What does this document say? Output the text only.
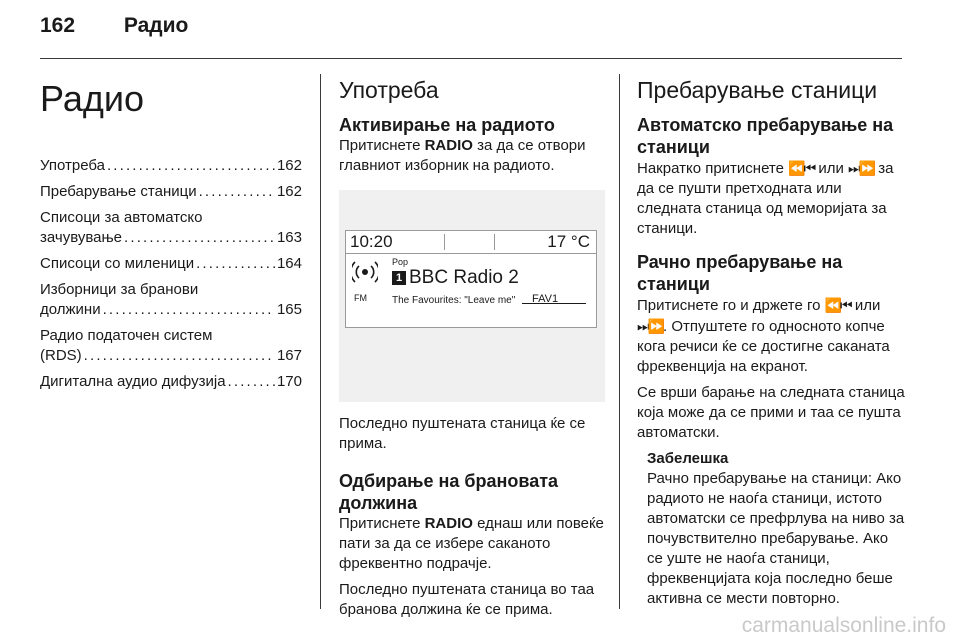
162 Радио
Радио
Употреба . . .	162
Пребарување станици . . .	162
Списоци за автоматско
зачувување . . .	163
Списоци со миленици . . .	164
Изборници за бранови
должини . . .	165
Радио податочен систем
(RDS) . . .	167
Дигитална аудио дифузија . . .	170
Употреба
Активирање на радиото

Притиснете RADIO за да се отвори главниот изборник на радиото.

10:20	17 °C
FM
Pop
1 BBC Radio 2
The Favourites: "Leave me" FAV1

Последно пуштената станица ќе се прима.

Одбирање на брановата должина

Притиснете RADIO еднаш или повеќе пати за да се избере саканото фреквентно подрачје.

Последно пуштената станица во таа бранова должина ќе се прима.

Пребарување станици
Автоматско пребарување на станици

Накратко притиснете ⏪⏮ или ⏭⏩ за да се пушти претходната или следната станица од меморијата за станици.

Рачно пребарување на станици

Притиснете го и држете го ⏪⏮ или ⏭⏩. Отпуштете го односното копче кога речиси ќе се достигне саканата фреквенција на екранот.

Се врши барање на следната станица која може да се прими и таа се пушта автоматски.

Забелешка

Рачно пребарување на станици: Ако радиото не наоѓа станици, истото автоматски се префрлува на ниво за почувствително пребарување. Ако се уште не наоѓа станици, фреквенцијата која последно беше активна се мести повторно.

carmanualsonline.info
